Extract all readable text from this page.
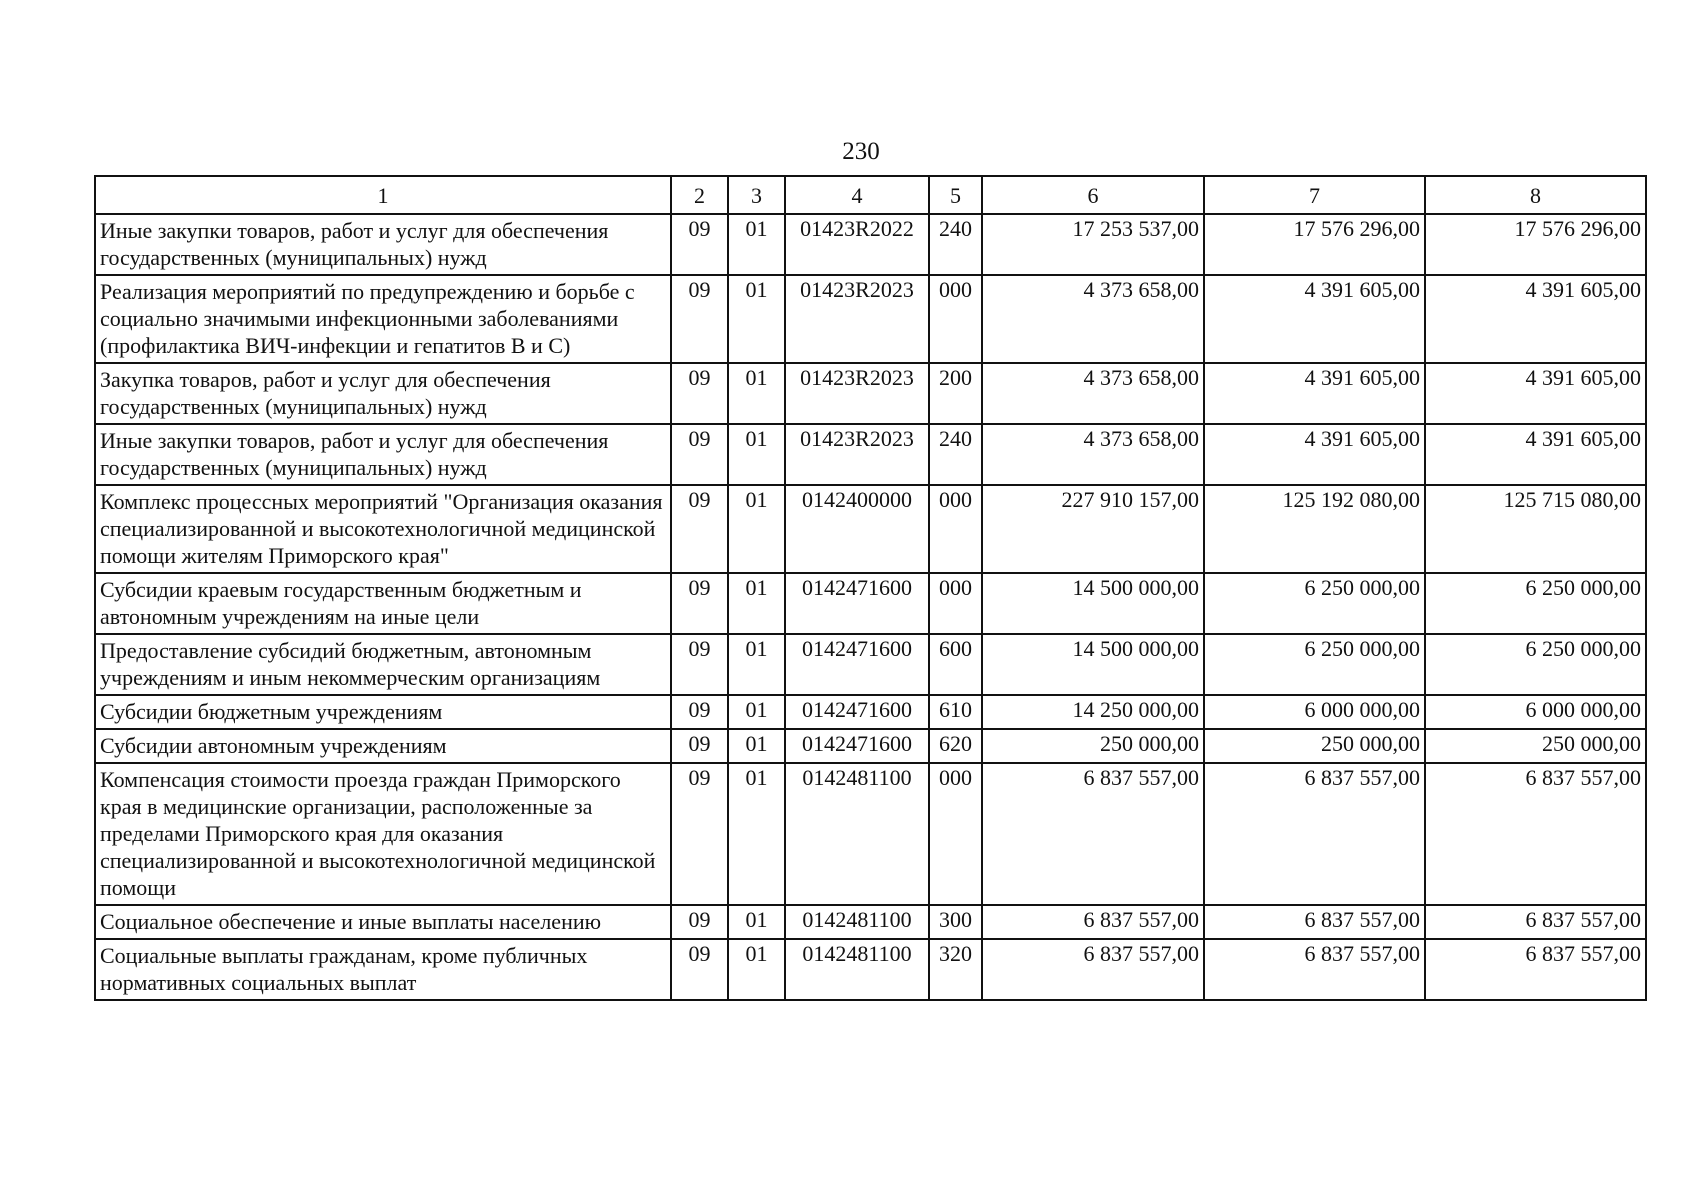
230
1	2	3	4	5	6	7	8

Иные закупки товаров, работ и услуг для обеспечения государственных (муниципальных) нужд	09	01	01423R2022	240	17 253 537,00	17 576 296,00	17 576 296,00

Реализация мероприятий по предупреждению и борьбе с социально значимыми инфекционными заболеваниями (профилактика ВИЧ-инфекции и гепатитов В и С)	09	01	01423R2023	000	4 373 658,00	4 391 605,00	4 391 605,00

Закупка товаров, работ и услуг для обеспечения государственных (муниципальных) нужд	09	01	01423R2023	200	4 373 658,00	4 391 605,00	4 391 605,00

Иные закупки товаров, работ и услуг для обеспечения государственных (муниципальных) нужд	09	01	01423R2023	240	4 373 658,00	4 391 605,00	4 391 605,00

Комплекс процессных мероприятий "Организация оказания специализированной и высокотехнологичной медицинской помощи жителям Приморского края"	09	01	0142400000	000	227 910 157,00	125 192 080,00	125 715 080,00

Субсидии краевым государственным бюджетным и автономным учреждениям на иные цели	09	01	0142471600	000	14 500 000,00	6 250 000,00	6 250 000,00

Предоставление субсидий бюджетным, автономным учреждениям и иным некоммерческим организациям	09	01	0142471600	600	14 500 000,00	6 250 000,00	6 250 000,00

Субсидии бюджетным учреждениям	09	01	0142471600	610	14 250 000,00	6 000 000,00	6 000 000,00

Субсидии автономным учреждениям	09	01	0142471600	620	250 000,00	250 000,00	250 000,00

Компенсация стоимости проезда граждан Приморского края в медицинские организации, расположенные за пределами Приморского края для оказания специализированной и высокотехнологичной медицинской помощи	09	01	0142481100	000	6 837 557,00	6 837 557,00	6 837 557,00

Социальное обеспечение и иные выплаты населению	09	01	0142481100	300	6 837 557,00	6 837 557,00	6 837 557,00

Социальные выплаты гражданам, кроме публичных нормативных социальных выплат	09	01	0142481100	320	6 837 557,00	6 837 557,00	6 837 557,00
